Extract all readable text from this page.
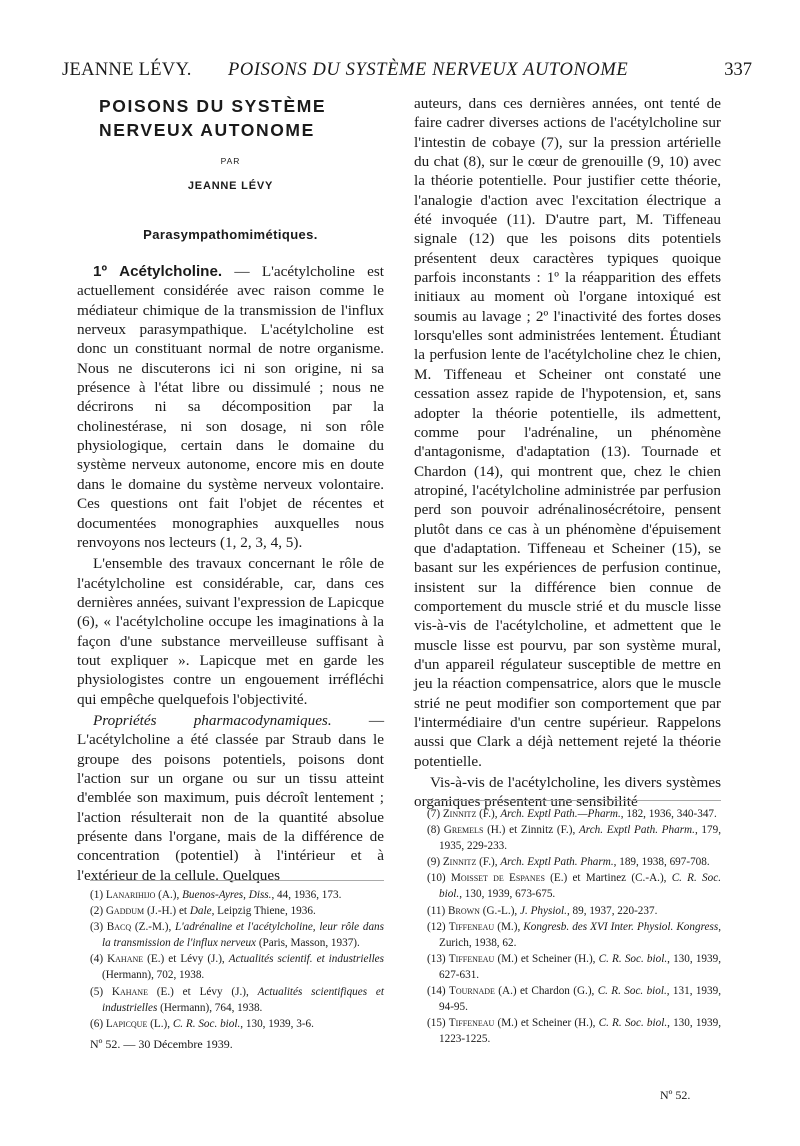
JEANNE LÉVY. POISONS DU SYSTÈME NERVEUX AUTONOME	337
POISONS DU SYSTÈME
NERVEUX AUTONOME
PAR
JEANNE LÉVY
Parasympathomimétiques.

1º Acétylcholine. — L'acétylcholine est actuellement considérée avec raison comme le médiateur chimique de la transmission de l'influx nerveux parasympathique. L'acétylcholine est donc un constituant normal de notre organisme. Nous ne discuterons ici ni son origine, ni sa présence à l'état libre ou dissimulé ; nous ne décrirons ni sa décomposition par la cholinestérase, ni son dosage, ni son rôle physiologique, certain dans le domaine du système nerveux autonome, encore mis en doute dans le domaine du système nerveux volontaire. Ces questions ont fait l'objet de récentes et documentées monographies auxquelles nous renvoyons nos lecteurs (1, 2, 3, 4, 5).

L'ensemble des travaux concernant le rôle de l'acétylcholine est considérable, car, dans ces dernières années, suivant l'expression de Lapicque (6), « l'acétylcholine occupe les imaginations à la façon d'une substance merveilleuse suffisant à tout expliquer ». Lapicque met en garde les physiologistes contre un engouement irréfléchi qui empêche quelquefois l'objectivité.

Propriétés pharmacodynamiques. — L'acétylcholine a été classée par Straub dans le groupe des poisons potentiels, poisons dont l'action sur un organe ou sur un tissu atteint d'emblée son maximum, puis décroît lentement ; l'action résulterait non de la quantité absolue présente dans l'organe, mais de la différence de concentration (potentiel) à l'intérieur et à l'extérieur de la cellule. Quelques

auteurs, dans ces dernières années, ont tenté de faire cadrer diverses actions de l'acétylcholine sur l'intestin de cobaye (7), sur la pression artérielle du chat (8), sur le cœur de grenouille (9, 10) avec la théorie potentielle. Pour justifier cette théorie, l'analogie d'action avec l'excitation électrique a été invoquée (11). D'autre part, M. Tiffeneau signale (12) que les poisons dits potentiels présentent deux caractères typiques quoique parfois inconstants : 1º la réapparition des effets initiaux au moment où l'organe intoxiqué est soumis au lavage ; 2º l'inactivité des fortes doses lorsqu'elles sont administrées lentement. Étudiant la perfusion lente de l'acétylcholine chez le chien, M. Tiffeneau et Scheiner ont constaté une cessation assez rapide de l'hypotension, et, sans adopter la théorie potentielle, ils admettent, comme pour l'adrénaline, un phénomène d'antagonisme, d'adaptation (13). Tournade et Chardon (14), qui montrent que, chez le chien atropiné, l'acétylcholine administrée par perfusion perd son pouvoir adrénalinosécrétoire, pensent plutôt dans ce cas à un phénomène d'épuisement que d'adaptation. Tiffeneau et Scheiner (15), se basant sur les expériences de perfusion continue, insistent sur la différence bien connue de comportement du muscle strié et du muscle lisse vis-à-vis de l'acétylcholine, et admettent que le muscle lisse est pourvu, par son système mural, d'un appareil régulateur susceptible de mettre en jeu la réaction compensatrice, alors que le muscle strié ne peut modifier son comportement que par l'intermédiaire d'un centre supérieur. Rappelons aussi que Clark a déjà nettement rejeté la théorie potentielle.

Vis-à-vis de l'acétylcholine, les divers systèmes organiques présentent une sensibilité

(1) Lanarihijo (A.), Buenos-Ayres, Diss., 44, 1936, 173.
(2) Gaddum (J.-H.) et Dale, Leipzig Thiene, 1936.
(3) Bacq (Z.-M.), L'adrénaline et l'acétylcholine, leur rôle dans la transmission de l'influx nerveux (Paris, Masson, 1937).
(4) Kahane (E.) et Lévy (J.), Actualités scientif. et industrielles (Hermann), 702, 1938.
(5) Kahane (E.) et Lévy (J.), Actualités scientifiques et industrielles (Hermann), 764, 1938.
(6) Lapicque (L.), C. R. Soc. biol., 130, 1939, 3-6.
Nº 52. — 30 Décembre 1939.
(7) Zinnitz (F.), Arch. Exptl Path.—Pharm., 182, 1936, 340-347.
(8) Gremels (H.) et Zinnitz (F.), Arch. Exptl Path. Pharm., 179, 1935, 229-233.
(9) Zinnitz (F.), Arch. Exptl Path. Pharm., 189, 1938, 697-708.
(10) Moisset de Espanes (E.) et Martinez (C.-A.), C. R. Soc. biol., 130, 1939, 673-675.
(11) Brown (G.-L.), J. Physiol., 89, 1937, 220-237.
(12) Tiffeneau (M.), Kongresb. des XVI Inter. Physiol. Kongress, Zurich, 1938, 62.
(13) Tiffeneau (M.) et Scheiner (H.), C. R. Soc. biol., 130, 1939, 627-631.
(14) Tournade (A.) et Chardon (G.), C. R. Soc. biol., 131, 1939, 94-95.
(15) Tiffeneau (M.) et Scheiner (H.), C. R. Soc. biol., 130, 1939, 1223-1225.
Nº 52.
